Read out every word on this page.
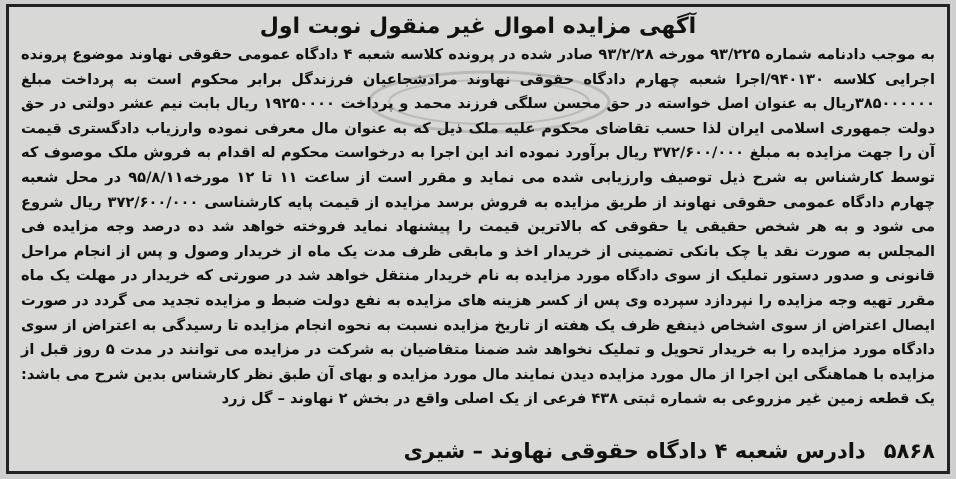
آگهی مزایده اموال غیر منقول نوبت اول
به موجب دادنامه شماره ۹۳/۲۲۵ مورخه ۹۳/۲/۲۸ صادر شده در پرونده کلاسه شعبه ۴ دادگاه عمومی حقوقی نهاوند موضوع پرونده اجرایی کلاسه ۹۴۰۱۳۰/اجرا شعبه چهارم دادگاه حقوقی نهاوند مرادشجاعیان فرزندگل برابر محکوم است به پرداخت مبلغ ۳۸۵۰۰۰۰۰۰ریال به عنوان اصل خواسته در حق محسن سلگی فرزند محمد و پرداخت ۱۹۲۵۰۰۰۰ ریال بابت نیم عشر دولتی در حق دولت جمهوری اسلامی ایران لذا حسب تقاضای محکوم علیه ملک ذیل که به عنوان مال معرفی نموده وارزیاب دادگستری قیمت آن را جهت مزایده به مبلغ ۳۷۲/۶۰۰/۰۰۰ ریال برآورد نموده اند این اجرا به درخواست محکوم له اقدام به فروش ملک موصوف که توسط کارشناس به شرح ذیل توصیف وارزیابی شده می نماید و مقرر است از ساعت ۱۱ تا ۱۲ مورخه۹۵/۸/۱۱ در محل شعبه چهارم دادگاه عمومی حقوقی نهاوند از طریق مزایده به فروش برسد مزایده از قیمت پایه کارشناسی ۳۷۲/۶۰۰/۰۰۰ ریال شروع می شود و به هر شخص حقیقی یا حقوقی که بالاترین قیمت را پیشنهاد نماید فروخته خواهد شد ده درصد وجه مزایده فی المجلس به صورت نقد یا چک بانکی تضمینی از خریدار اخذ و مابقی ظرف مدت یک ماه از خریدار وصول و پس از انجام مراحل قانونی و صدور دستور تملیک از سوی دادگاه مورد مزایده به نام خریدار منتقل خواهد شد در صورتی که خریدار در مهلت یک ماه مقرر تهیه وجه مزایده را نپردازد سپرده وی پس از کسر هزینه های مزایده به نفع دولت ضبط و مزایده تجدید می گردد در صورت ایصال اعتراض از سوی اشخاص ذینفع ظرف یک هفته از تاریخ مزایده نسبت به نحوه انجام مزایده تا رسیدگی به اعتراض از سوی دادگاه مورد مزایده را به خریدار تحویل و تملیک نخواهد شد ضمنا متقاضیان به شرکت در مزایده می توانند در مدت ۵ روز قبل از مزایده با هماهنگی این اجرا از مال مورد مزایده دیدن نمایند مال مورد مزایده و بهای آن طبق نظر کارشناس بدین شرح می باشد: یک قطعه زمین غیر مزروعی به شماره ثبتی ۴۳۸ فرعی از یک اصلی واقع در بخش ۲ نهاوند – گل زرد
۵۸۶۸
دادرس شعبه ۴ دادگاه حقوقی نهاوند – شیری
